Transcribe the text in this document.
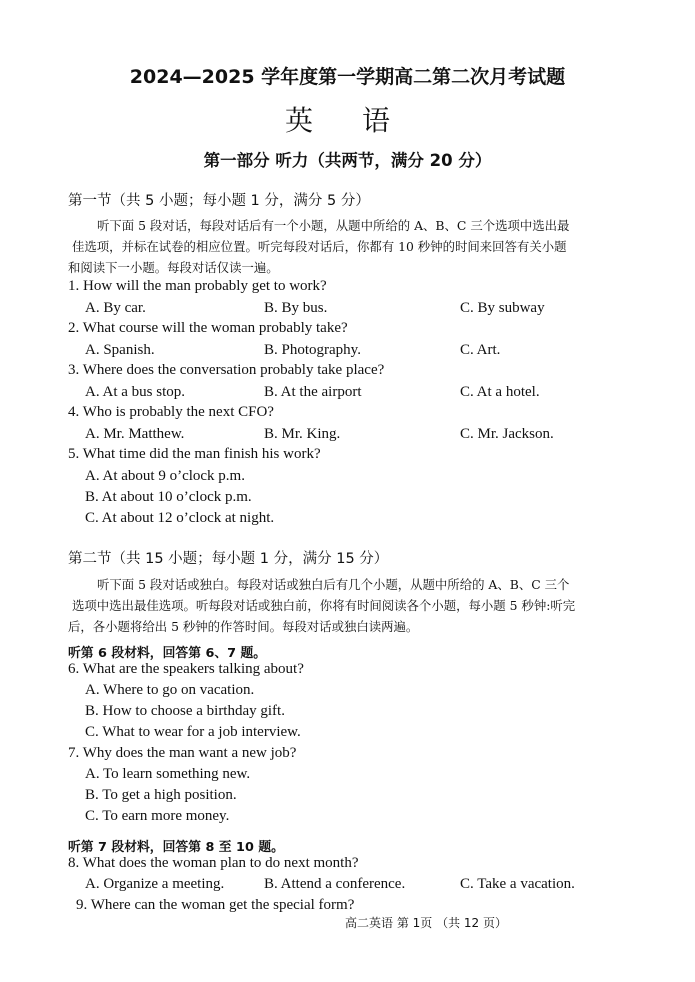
2024—2025 学年度第一学期高二第二次月考试题
英 语
第一部分 听力（共两节，满分 20 分）
第一节（共 5 小题；每小题 1 分，满分 5 分）
听下面 5 段对话，每段对话后有一个小题，从题中所给的 A、B、C 三个选项中选出最
佳选项，并标在试卷的相应位置。听完每段对话后，你都有 10 秒钟的时间来回答有关小题
和阅读下一小题。每段对话仅读一遍。
1. How will the man probably get to work?
A. By car.	B. By bus.	C. By subway
2. What course will the woman probably take?
A. Spanish.	B. Photography.	C. Art.
3. Where does the conversation probably take place?
A. At a bus stop.	B. At the airport	C. At a hotel.
4. Who is probably the next CFO?
A. Mr. Matthew.	B. Mr. King.	C. Mr. Jackson.
5. What time did the man finish his work?
A. At about 9 o’clock p.m.
B. At about 10 o’clock p.m.
C. At about 12 o’clock at night.
第二节（共 15 小题；每小题 1 分，满分 15 分）
听下面 5 段对话或独白。每段对话或独白后有几个小题，从题中所给的 A、B、C 三个
选项中选出最佳选项。听每段对话或独白前，你将有时间阅读各个小题，每小题 5 秒钟:听完
后，各小题将给出 5 秒钟的作答时间。每段对话或独白读两遍。
听第 6 段材料，回答第 6、7 题。
6. What are the speakers talking about?
A. Where to go on vacation.
B. How to choose a birthday gift.
C. What to wear for a job interview.
7. Why does the man want a new job?
A. To learn something new.
B. To get a high position.
C. To earn more money.
听第 7 段材料，回答第 8 至 10 题。
8. What does the woman plan to do next month?
A. Organize a meeting.	B. Attend a conference.	C. Take a vacation.
9. Where can the woman get the special form?
高二英语 第 1页 （共 12 页）
